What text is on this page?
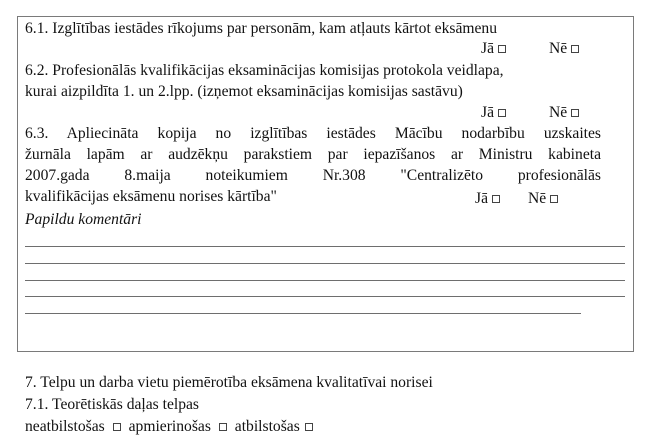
6.1. Izglītības iestādes rīkojums par personām, kam atļauts kārtot eksāmenu
Jā	Nē
6.2. Profesionālās kvalifikācijas eksaminācijas komisijas protokola veidlapa,
kurai aizpildīta 1. un 2.lpp. (izņemot eksaminācijas komisijas sastāvu)
Jā	Nē
6.3. Apliecināta kopija no izglītības iestādes Mācību nodarbību uzskaites
žurnāla lapām ar audzēkņu parakstiem par iepazīšanos ar Ministru kabineta
2007.gada 8.maija noteikumiem Nr.308 "Centralizēto profesionālās
kvalifikācijas eksāmenu norises kārtība"	Jā	Nē
Papildu komentāri
7. Telpu un darba vietu piemērotība eksāmena kvalitatīvai norisei
7.1. Teorētiskās daļas telpas
neatbilstošas apmierinošas atbilstošas
